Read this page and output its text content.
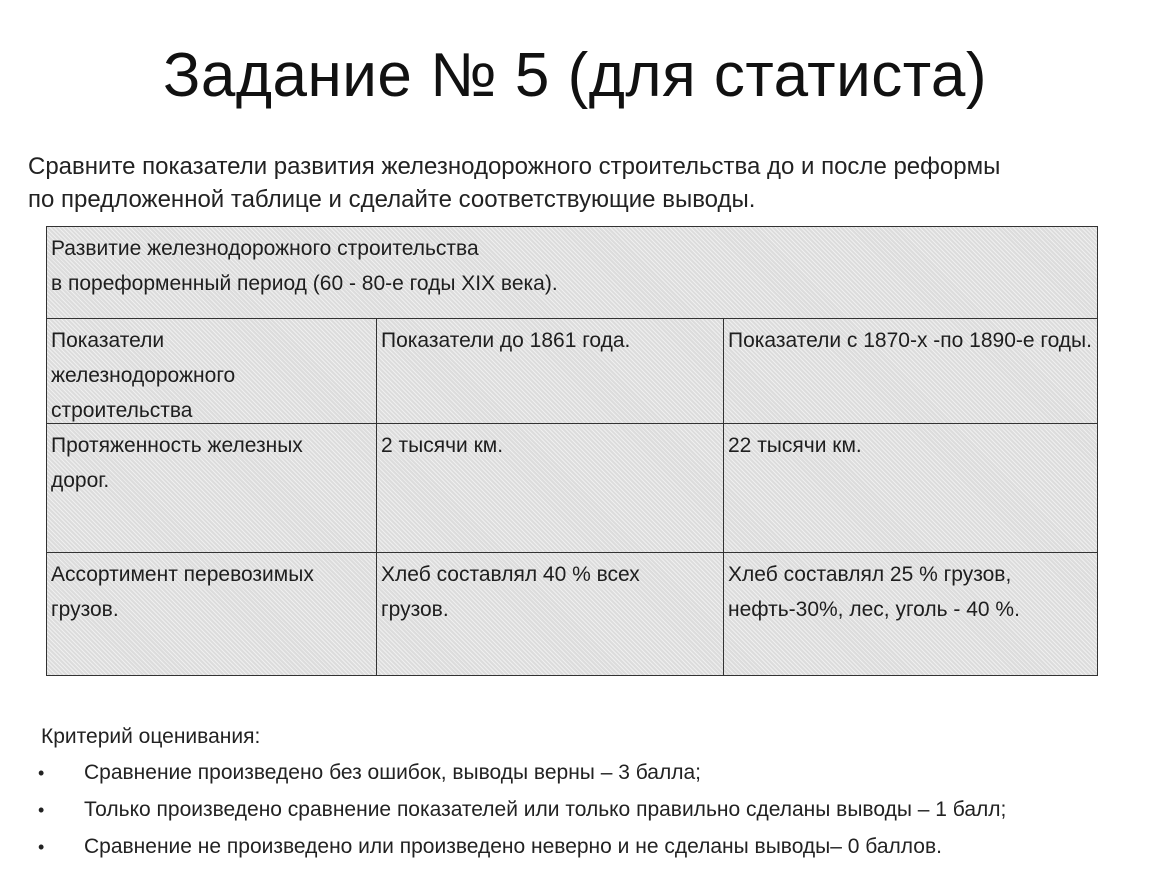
Задание № 5 (для статиста)
Сравните показатели развития железнодорожного строительства до и после реформы
по предложенной таблице и сделайте соответствующие выводы.
Развитие железнодорожного строительства
в пореформенный период (60 - 80-е годы XIX века).
Показатели железнодорожного строительства
Показатели до 1861 года.	Показатели с 1870-х -по 1890-е годы.
Протяженность железных дорог.
2 тысячи км.	22 тысячи км.
Ассортимент перевозимых грузов.
Хлеб составлял 40 % всех грузов.
Хлеб составлял 25 % грузов, нефть-30%, лес, уголь - 40 %.
Критерий оценивания:
• Сравнение произведено без ошибок, выводы верны – 3 балла;
• Только произведено сравнение показателей или только правильно сделаны выводы – 1 балл;
• Сравнение не произведено или произведено неверно и не сделаны выводы– 0 баллов.
